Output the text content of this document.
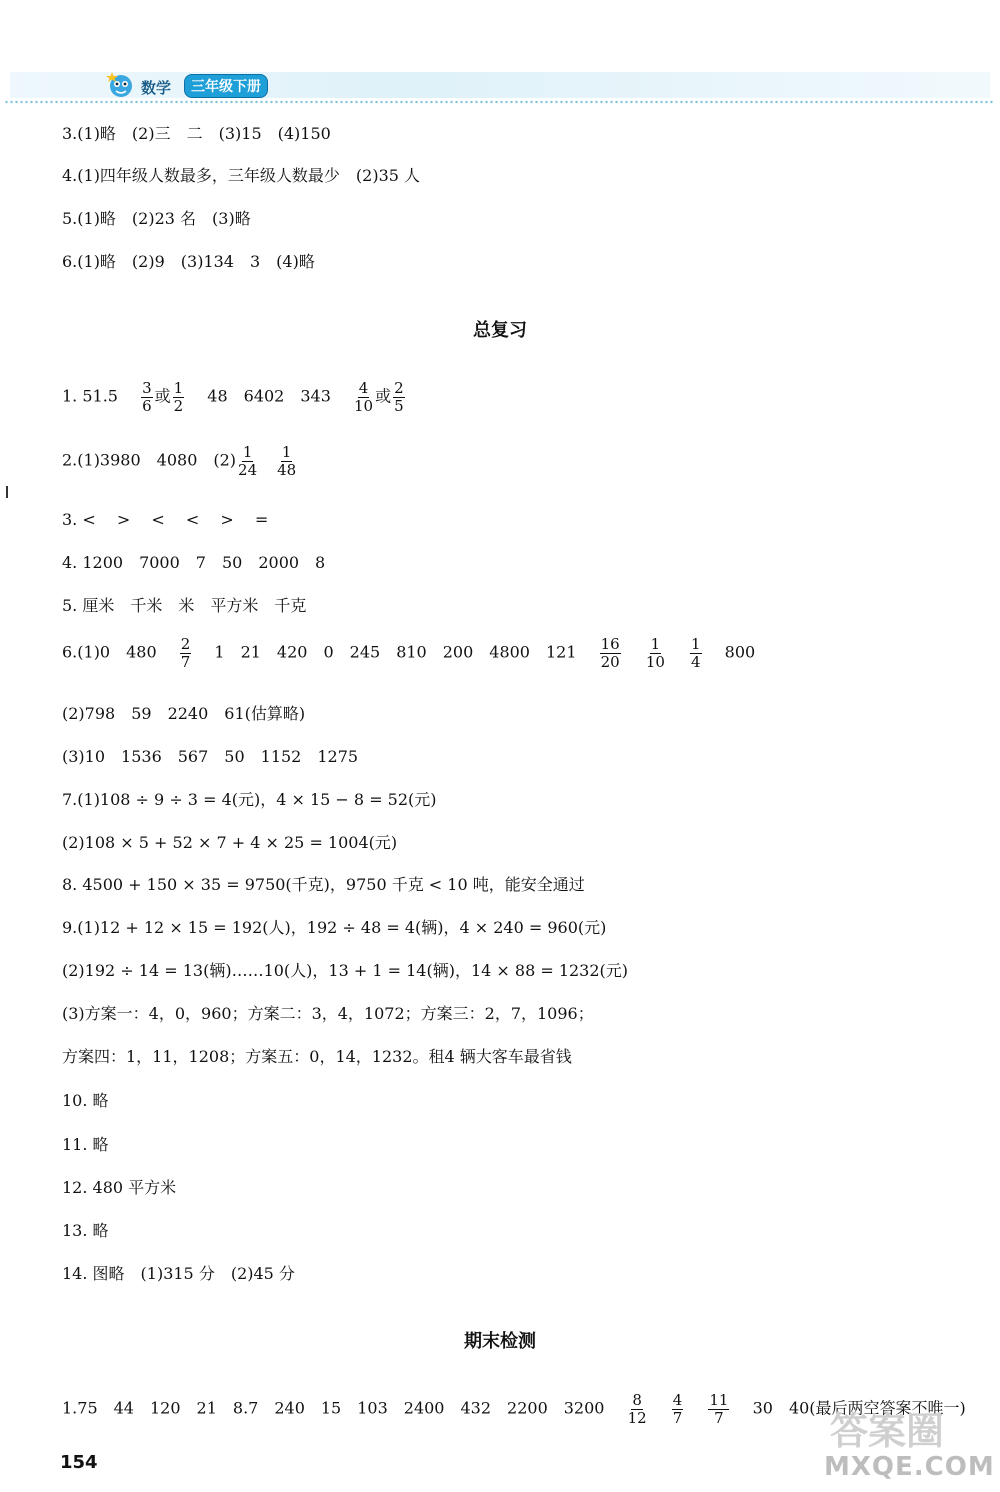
数学	三年级下册
3.(1)略　(2)三　二　(3)15　(4)150
4.(1)四年级人数最多，三年级人数最少　(2)35 人
5.(1)略　(2)23 名　(3)略
6.(1)略　(2)9　(3)134　3　(4)略
总复习
1. $51.5 \frac{3}{6}$ 或 $\frac{1}{2} 48$　6402　$343 \frac{4}{10}$ 或 $\frac{2}{5}$
2.(1)3980　4080　$(2) \frac{1}{24} \frac{1}{48}$
3. <　 >　 <　 <　 >　 =
4. 1200　7000　7　50　2000　8
5. 厘米　千米　米　平方米　千克
6.(1)0　$480 \frac{2}{7} 1$　21　420　0　245　810　200　4800　$121 \frac{16}{20}$
$\frac{1}{10}$
$\frac{1}{4} 800$
(2)798　59　2240　61(估算略)
(3)10　1536　567　50　1152　1275
7.(1)108 ÷ 9 ÷ 3 = 4(元)，4 × 15 − 8 = 52(元)
(2)108 × 5 + 52 × 7 + 4 × 25 = 1004(元)
8. 4500 + 150 × 35 = 9750(千克)，9750 千克 < 10 吨，能安全通过
9.(1)12 + 12 × 15 = 192(人)，192 ÷ 48 = 4(辆)，4 × 240 = 960(元)
(2)192 ÷ 14 = 13(辆)……10(人)，13 + 1 = 14(辆)，14 × 88 = 1232(元)
(3)方案一：4，0，960；方案二：3，4，1072；方案三：2，7，1096；
方案四：1，11，1208；方案五：0，14，1232。租4 辆大客车最省钱
10. 略
11. 略
12. 480 平方米
13. 略
14. 图略　(1)315 分　(2)45 分
期末检测
1.75　44　120　21　8.7　240　15　103　2400　432　2200　$3200 \frac{8}{12}$
$\frac{4}{7}$
$\frac{11}{7} 30$　40(最后两空答案不唯一)
答案圈
MXQE.COM
154
